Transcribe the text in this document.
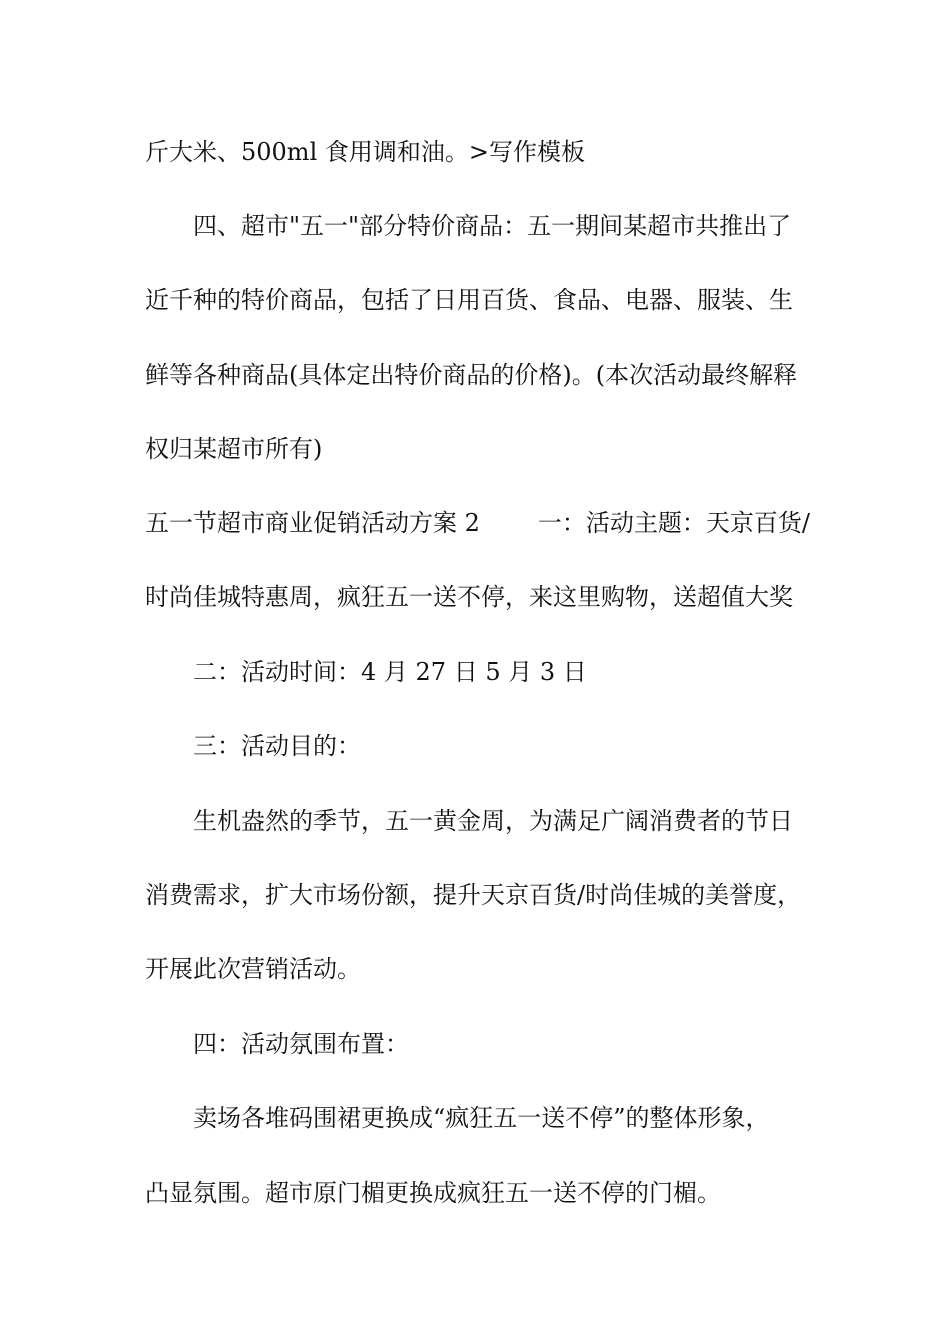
斤大米、500ml 食用调和油。>写作模板
四、超市"五一"部分特价商品：五一期间某超市共推出了
近千种的特价商品，包括了日用百货、食品、电器、服装、生
鲜等各种商品(具体定出特价商品的价格)。(本次活动最终解释
权归某超市所有)
五一节超市商业促销活动方案 2 一：活动主题：天京百货/
时尚佳城特惠周，疯狂五一送不停，来这里购物，送超值大奖
二：活动时间：4 月 27 日 5 月 3 日
三：活动目的：
生机盎然的季节，五一黄金周，为满足广阔消费者的节日
消费需求，扩大市场份额，提升天京百货/时尚佳城的美誉度，
开展此次营销活动。
四：活动氛围布置：
卖场各堆码围裙更换成“疯狂五一送不停”的整体形象，
凸显氛围。超市原门楣更换成疯狂五一送不停的门楣。
